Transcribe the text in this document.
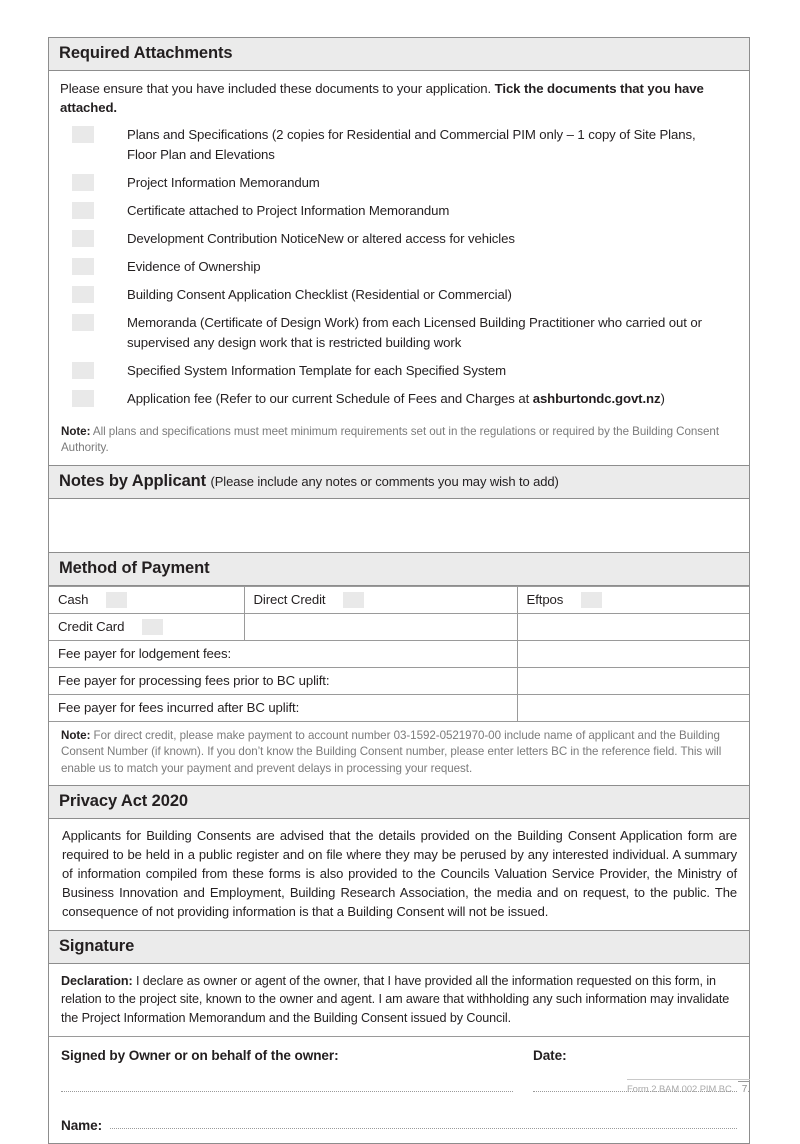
Required Attachments
Please ensure that you have included these documents to your application. Tick the documents that you have attached.
Plans and Specifications (2 copies for Residential and Commercial PIM only – 1 copy of Site Plans, Floor Plan and Elevations
Project Information Memorandum
Certificate attached to Project Information Memorandum
Development Contribution NoticeNew or altered access for vehicles
Evidence of Ownership
Building Consent Application Checklist (Residential or Commercial)
Memoranda (Certificate of Design Work) from each Licensed Building Practitioner who carried out or supervised any design work that is restricted building work
Specified System Information Template for each Specified System
Application fee (Refer to our current Schedule of Fees and Charges at ashburtondc.govt.nz)
Note: All plans and specifications must meet minimum requirements set out in the regulations or required by the Building Consent Authority.
Notes by Applicant (Please include any notes or comments you may wish to add)
Method of Payment
Cash	Direct Credit	Eftpos

Credit Card		

Fee payer for lodgement fees:		
Fee payer for processing fees prior to BC uplift:		
Fee payer for fees incurred after BC uplift:		
Note: For direct credit, please make payment to account number 03-1592-0521970-00 include name of applicant and the Building Consent Number (if known). If you don’t know the Building Consent number, please enter letters BC in the reference field. This will enable us to match your payment and prevent delays in processing your request.
Privacy Act 2020
Applicants for Building Consents are advised that the details provided on the Building Consent Application form are required to be held in a public register and on file where they may be perused by any interested individual. A summary of information compiled from these forms is also provided to the Councils Valuation Service Provider, the Ministry of Business Innovation and Employment, Building Research Association, the media and on request, to the public. The consequence of not providing information is that a Building Consent will not be issued.
Signature
Declaration: I declare as owner or agent of the owner, that I have provided all the information requested on this form, in relation to the project site, known to the owner and agent. I am aware that withholding any such information may invalidate the Project Information Memorandum and the Building Consent issued by Council.
Signed by Owner or on behalf of the owner:	Date:
Name:
Form 2 BAM 002 PIM BC	7.
